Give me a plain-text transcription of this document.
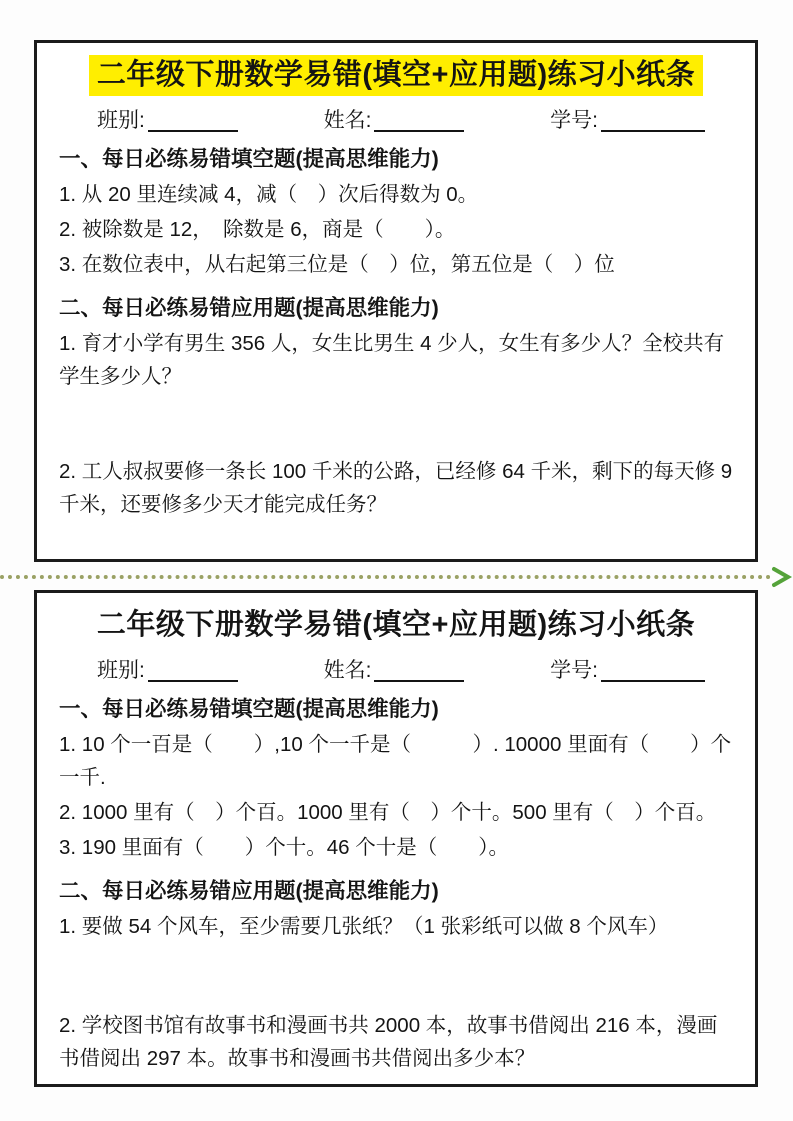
二年级下册数学易错(填空+应用题)练习小纸条
班别:	姓名:	学号:
一、每日必练易错填空题(提高思维能力)
1. 从 20 里连续减 4，减（　）次后得数为 0。
2. 被除数是 12，　除数是 6，商是（　　）。
3. 在数位表中，从右起第三位是（　）位，第五位是（　）位
二、每日必练易错应用题(提高思维能力)
1. 育才小学有男生 356 人，女生比男生 4 少人，女生有多少人？全校共有学生多少人？
2. 工人叔叔要修一条长 100 千米的公路，已经修 64 千米，剩下的每天修 9 千米，还要修多少天才能完成任务？
二年级下册数学易错(填空+应用题)练习小纸条
班别:	姓名:	学号:
一、每日必练易错填空题(提高思维能力)
1. 10 个一百是（　　）,10 个一千是（　　　）. 10000 里面有（　　）个一千.
2. 1000 里有（　）个百。1000 里有（　）个十。500 里有（　）个百。
3. 190 里面有（　　）个十。46 个十是（　　）。
二、每日必练易错应用题(提高思维能力)
1. 要做 54 个风车，至少需要几张纸？（1 张彩纸可以做 8 个风车）
2. 学校图书馆有故事书和漫画书共 2000 本，故事书借阅出 216 本，漫画书借阅出 297 本。故事书和漫画书共借阅出多少本？
